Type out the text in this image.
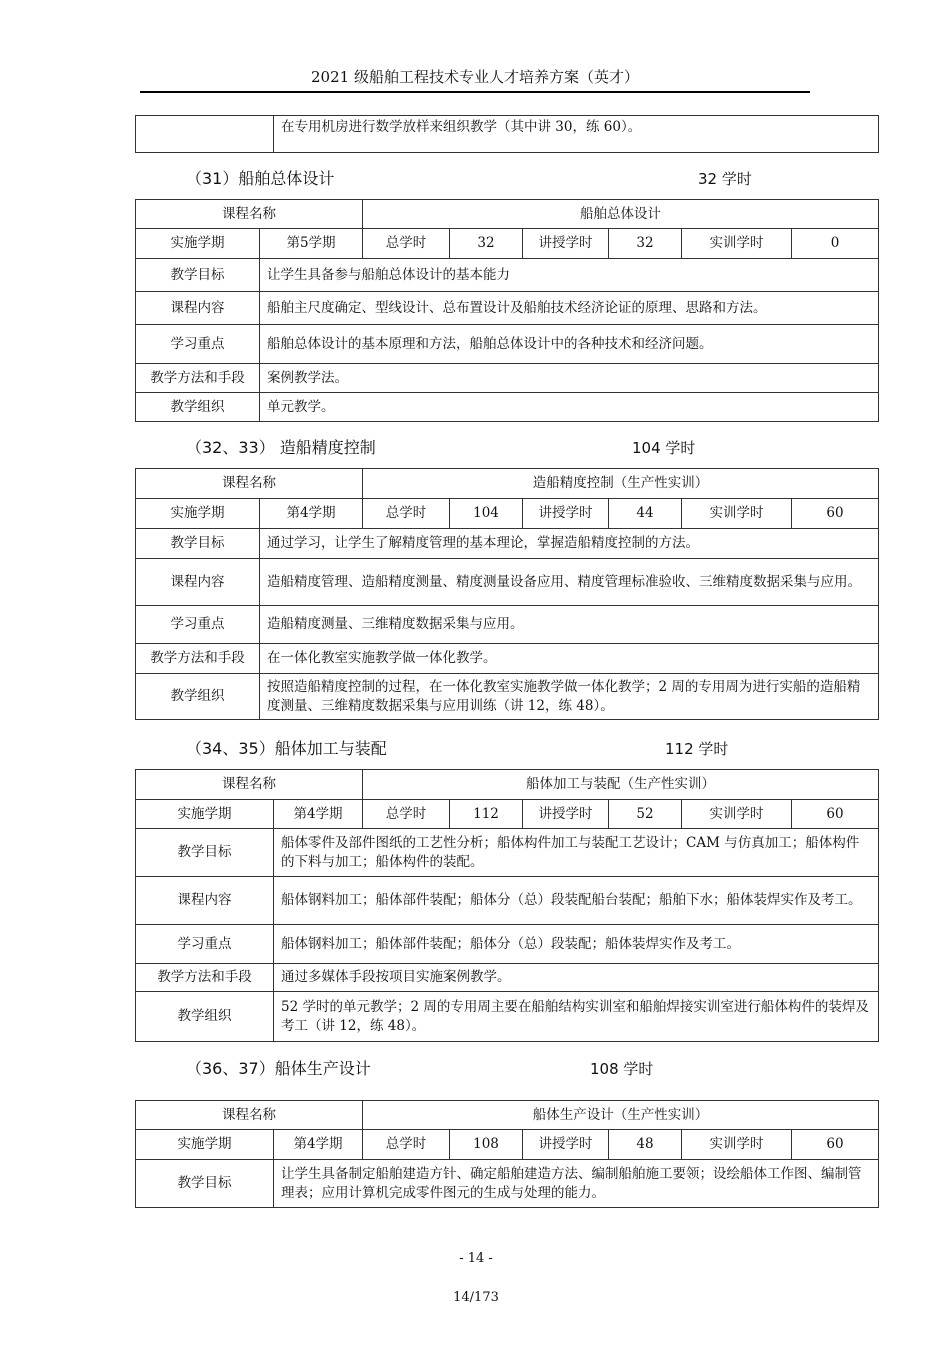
2021 级船舶工程技术专业人才培养方案（英才）
	在专用机房进行数学放样来组织教学（其中讲 30，练 60）。
（31）船舶总体设计	32 学时
课程名称		船舶总体设计					
实施学期	第5学期	总学时	32	讲授学时	32	实训学时	0
教学目标	让学生具备参与船舶总体设计的基本能力						
课程内容	船舶主尺度确定、型线设计、总布置设计及船舶技术经济论证的原理、思路和方法。						
学习重点	船舶总体设计的基本原理和方法，船舶总体设计中的各种技术和经济问题。						
教学方法和手段	案例教学法。						
教学组织	单元教学。						
（32、33） 造船精度控制	104 学时
课程名称		造船精度控制（生产性实训）					
实施学期	第4学期	总学时	104	讲授学时	44	实训学时	60
教学目标	通过学习，让学生了解精度管理的基本理论，掌握造船精度控制的方法。						
课程内容	造船精度管理、造船精度测量、精度测量设备应用、精度管理标准验收、三维精度数据采集与应用。						
学习重点	造船精度测量、三维精度数据采集与应用。						
教学方法和手段	在一体化教室实施教学做一体化教学。						
教学组织	按照造船精度控制的过程，在一体化教室实施教学做一体化教学；2 周的专用周为进行实船的造船精度测量、三维精度数据采集与应用训练（讲 12，练 48）。						
（34、35）船体加工与装配	112 学时
课程名称		船体加工与装配（生产性实训）					
实施学期	第4学期	总学时	112	讲授学时	52	实训学时	60
教学目标	船体零件及部件图纸的工艺性分析；船体构件加工与装配工艺设计；CAM 与仿真加工；船体构件的下料与加工；船体构件的装配。						
课程内容	船体钢料加工；船体部件装配；船体分（总）段装配船台装配；船舶下水；船体装焊实作及考工。						
学习重点	船体钢料加工；船体部件装配；船体分（总）段装配；船体装焊实作及考工。						
教学方法和手段	通过多媒体手段按项目实施案例教学。						
教学组织	52 学时的单元教学；2 周的专用周主要在船舶结构实训室和船舶焊接实训室进行船体构件的装焊及考工（讲 12，练 48）。						
（36、37）船体生产设计	108 学时
课程名称		船体生产设计（生产性实训）					
实施学期	第4学期	总学时	108	讲授学时	48	实训学时	60
教学目标	让学生具备制定船舶建造方针、确定船舶建造方法、编制船舶施工要领；设绘船体工作图、编制管理表；应用计算机完成零件图元的生成与处理的能力。						
- 14 -
14/173
